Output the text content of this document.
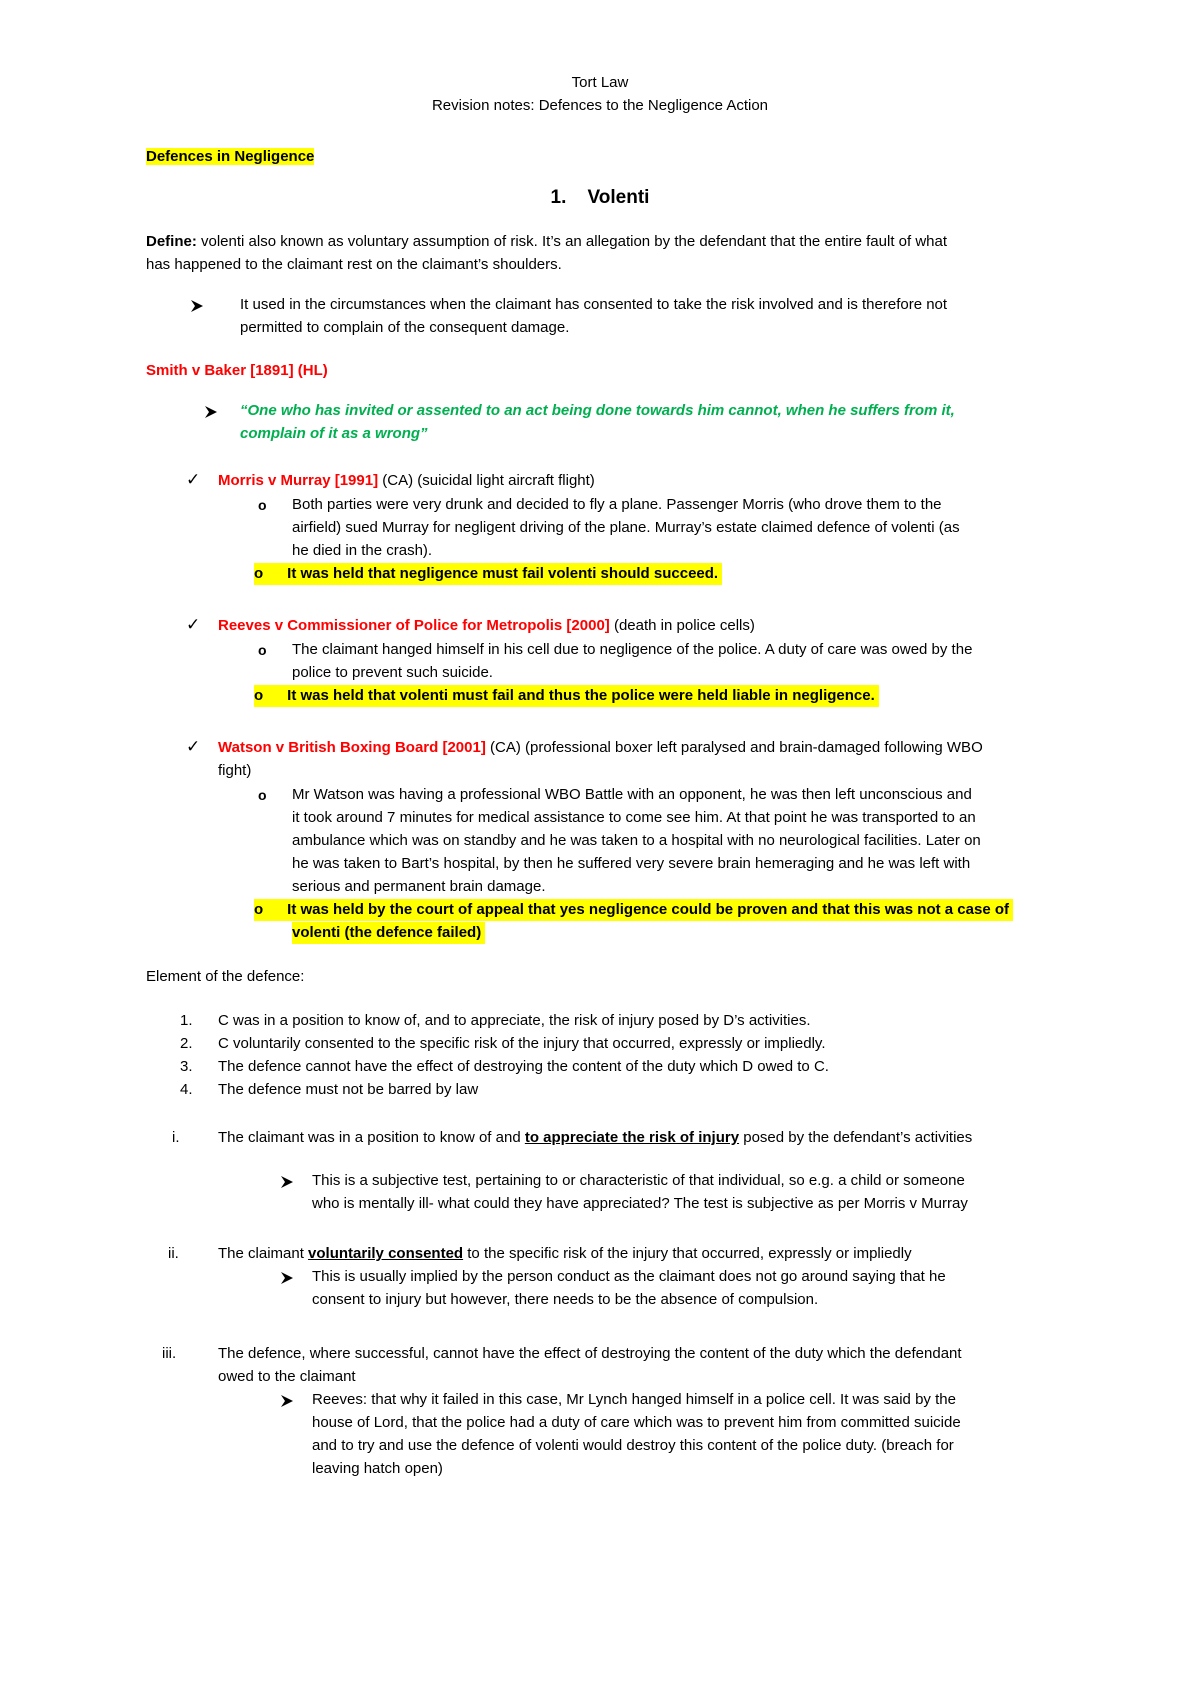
Tort Law
Revision notes: Defences to the Negligence Action
Defences in Negligence
1. Volenti
Define: volenti also known as voluntary assumption of risk. It’s an allegation by the defendant that the entire fault of what
has happened to the claimant rest on the claimant’s shoulders.
It used in the circumstances when the claimant has consented to take the risk involved and is therefore not
permitted to complain of the consequent damage.
Smith v Baker [1891] (HL)
“One who has invited or assented to an act being done towards him cannot, when he suffers from it,
complain of it as a wrong”
✓ Morris v Murray [1991] (CA) (suicidal light aircraft flight)
o Both parties were very drunk and decided to fly a plane. Passenger Morris (who drove them to the
airfield) sued Murray for negligent driving of the plane. Murray’s estate claimed defence of volenti (as
he died in the crash).
o It was held that negligence must fail volenti should succeed.
✓ Reeves v Commissioner of Police for Metropolis [2000] (death in police cells)
o The claimant hanged himself in his cell due to negligence of the police. A duty of care was owed by the
police to prevent such suicide.
o It was held that volenti must fail and thus the police were held liable in negligence.
✓ Watson v British Boxing Board [2001] (CA) (professional boxer left paralysed and brain-damaged following WBO
fight)
o Mr Watson was having a professional WBO Battle with an opponent, he was then left unconscious and
it took around 7 minutes for medical assistance to come see him. At that point he was transported to an
ambulance which was on standby and he was taken to a hospital with no neurological facilities. Later on
he was taken to Bart’s hospital, by then he suffered very severe brain hemeraging and he was left with
serious and permanent brain damage.
o It was held by the court of appeal that yes negligence could be proven and that this was not a case of
volenti (the defence failed)
Element of the defence:
1. C was in a position to know of, and to appreciate, the risk of injury posed by D’s activities.
2. C voluntarily consented to the specific risk of the injury that occurred, expressly or impliedly.
3. The defence cannot have the effect of destroying the content of the duty which D owed to C.
4. The defence must not be barred by law
i.	The claimant was in a position to know of and to appreciate the risk of injury posed by the defendant’s activities
This is a subjective test, pertaining to or characteristic of that individual, so e.g. a child or someone
who is mentally ill- what could they have appreciated? The test is subjective as per Morris v Murray
ii.	The claimant voluntarily consented to the specific risk of the injury that occurred, expressly or impliedly
This is usually implied by the person conduct as the claimant does not go around saying that he
consent to injury but however, there needs to be the absence of compulsion.
iii.	The defence, where successful, cannot have the effect of destroying the content of the duty which the defendant
owed to the claimant
Reeves: that why it failed in this case, Mr Lynch hanged himself in a police cell. It was said by the
house of Lord, that the police had a duty of care which was to prevent him from committed suicide
and to try and use the defence of volenti would destroy this content of the police duty. (breach for
leaving hatch open)
